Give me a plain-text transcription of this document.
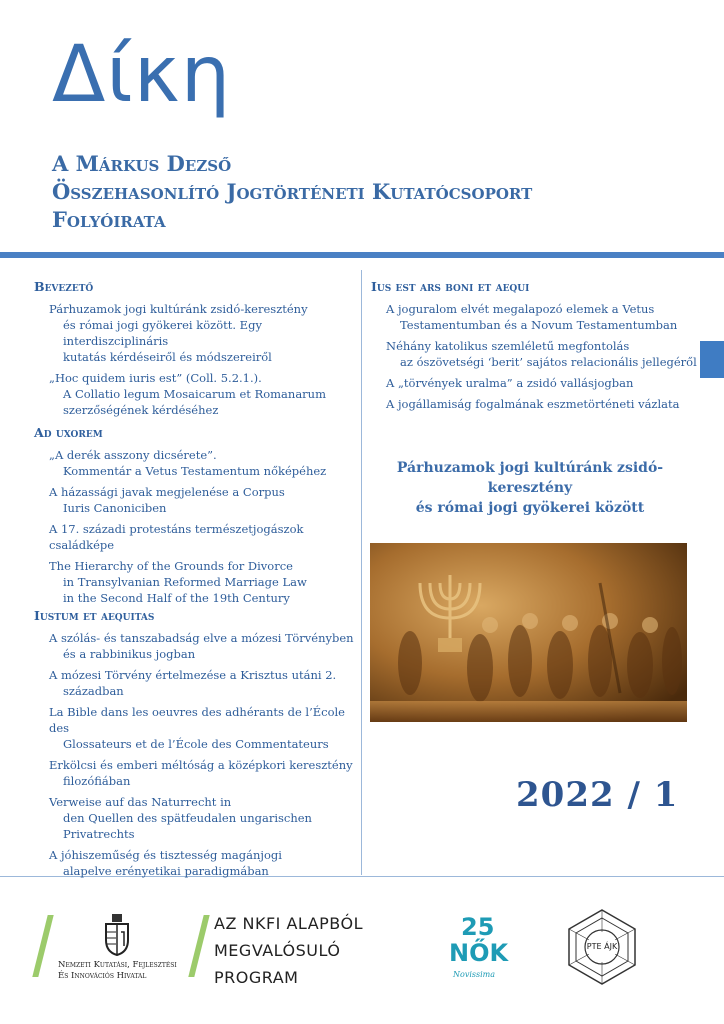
Δίκη
A Márkus Dezső
Összehasonlító Jogtörténeti Kutatócsoport
Folyóirata
Bevezető
Párhuzamok jogi kultúránk zsidó-keresztény
és római jogi gyökerei között. Egy interdiszciplináris
kutatás kérdéseiről és módszereiről
„Hoc quidem iuris est” (Coll. 5.2.1.).
A Collatio legum Mosaicarum et Romanarum
szerzőségének kérdéséhez
Ad uxorem
„A derék asszony dicsérete”.
Kommentár a Vetus Testamentum nőképéhez
A házassági javak megjelenése a Corpus
Iuris Canoniciben
A 17. századi protestáns természetjogászok családképe
The Hierarchy of the Grounds for Divorce
in Transylvanian Reformed Marriage Law
in the Second Half of the 19th Century
Iustum et aequitas
A szólás- és tanszabadság elve a mózesi Törvényben
és a rabbinikus jogban
A mózesi Törvény értelmezése a Krisztus utáni 2.
században
La Bible dans les oeuvres des adhérants de l’École des
Glossateurs et de l’École des Commentateurs
Erkölcsi és emberi méltóság a középkori keresztény
filozófiában
Verweise auf das Naturrecht in
den Quellen des spätfeudalen ungarischen Privatrechts
A jóhiszeműség és tisztesség magánjogi
alapelve erényetikai paradigmában
Ius est ars boni et aequi
A joguralom elvét megalapozó elemek a Vetus
Testamentumban és a Novum Testamentumban
Néhány katolikus szemléletű megfontolás
az ószövetségi ‘berit’ sajátos relacionális jellegéről
A „törvények uralma” a zsidó vallásjogban
A jogállamiság fogalmának eszmetörténeti vázlata
Párhuzamok jogi kultúránk zsidó-keresztény
és római jogi gyökerei között
2022 / 1
Nemzeti Kutatási, Fejlesztési
És Innovációs Hivatal
AZ NKFI ALAPBÓL
MEGVALÓSULÓ
PROGRAM
25
NŐK
Novissima
PTE ÁJK
